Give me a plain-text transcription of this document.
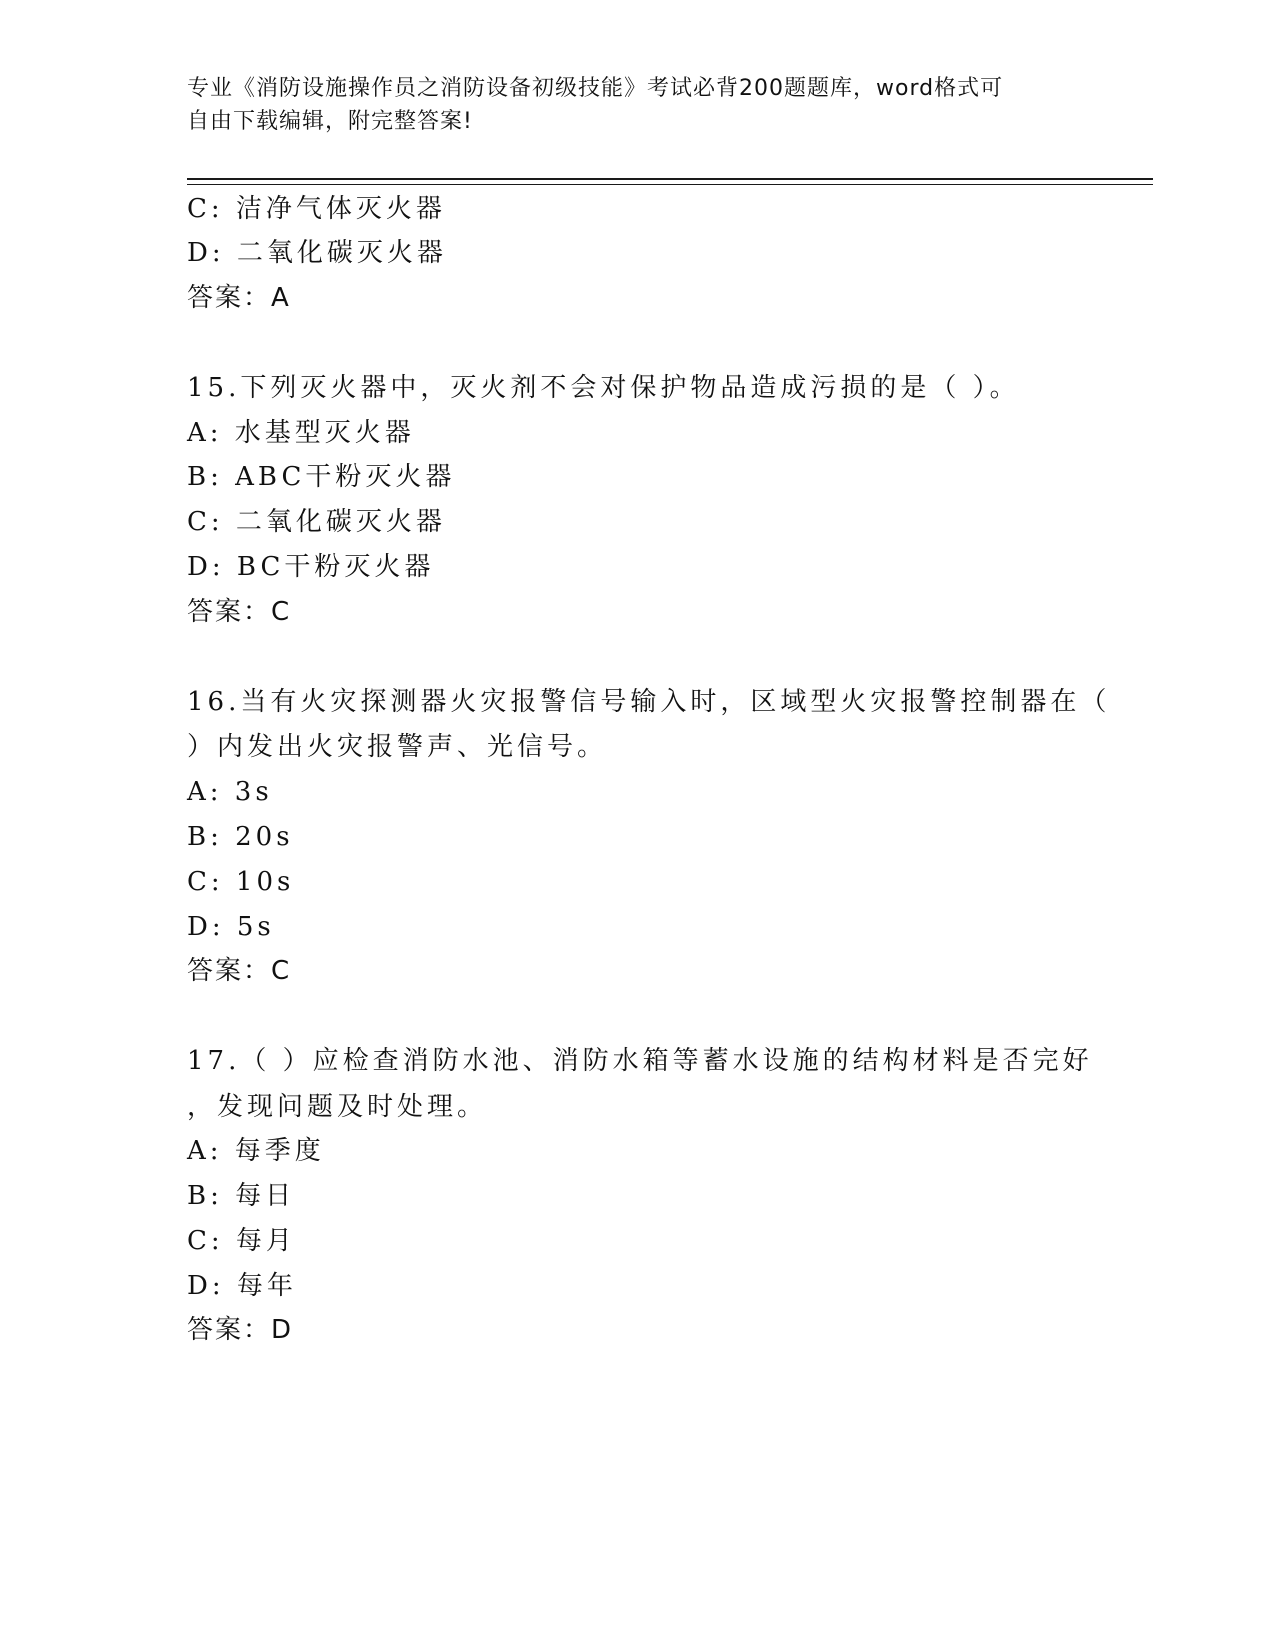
专业《消防设施操作员之消防设备初级技能》考试必背200题题库，word格式可
自由下载编辑，附完整答案!
C: 洁净气体灭火器
D: 二氧化碳灭火器
答案：A
15.下列灭火器中，灭火剂不会对保护物品造成污损的是（ ）。
A: 水基型灭火器
B: ABC干粉灭火器
C: 二氧化碳灭火器
D: BC干粉灭火器
答案：C
16.当有火灾探测器火灾报警信号输入时，区域型火灾报警控制器在（
）内发出火灾报警声、光信号。
A: 3s
B: 20s
C: 10s
D: 5s
答案：C
17.（ ）应检查消防水池、消防水箱等蓄水设施的结构材料是否完好
，发现问题及时处理。
A: 每季度
B: 每日
C: 每月
D: 每年
答案：D
